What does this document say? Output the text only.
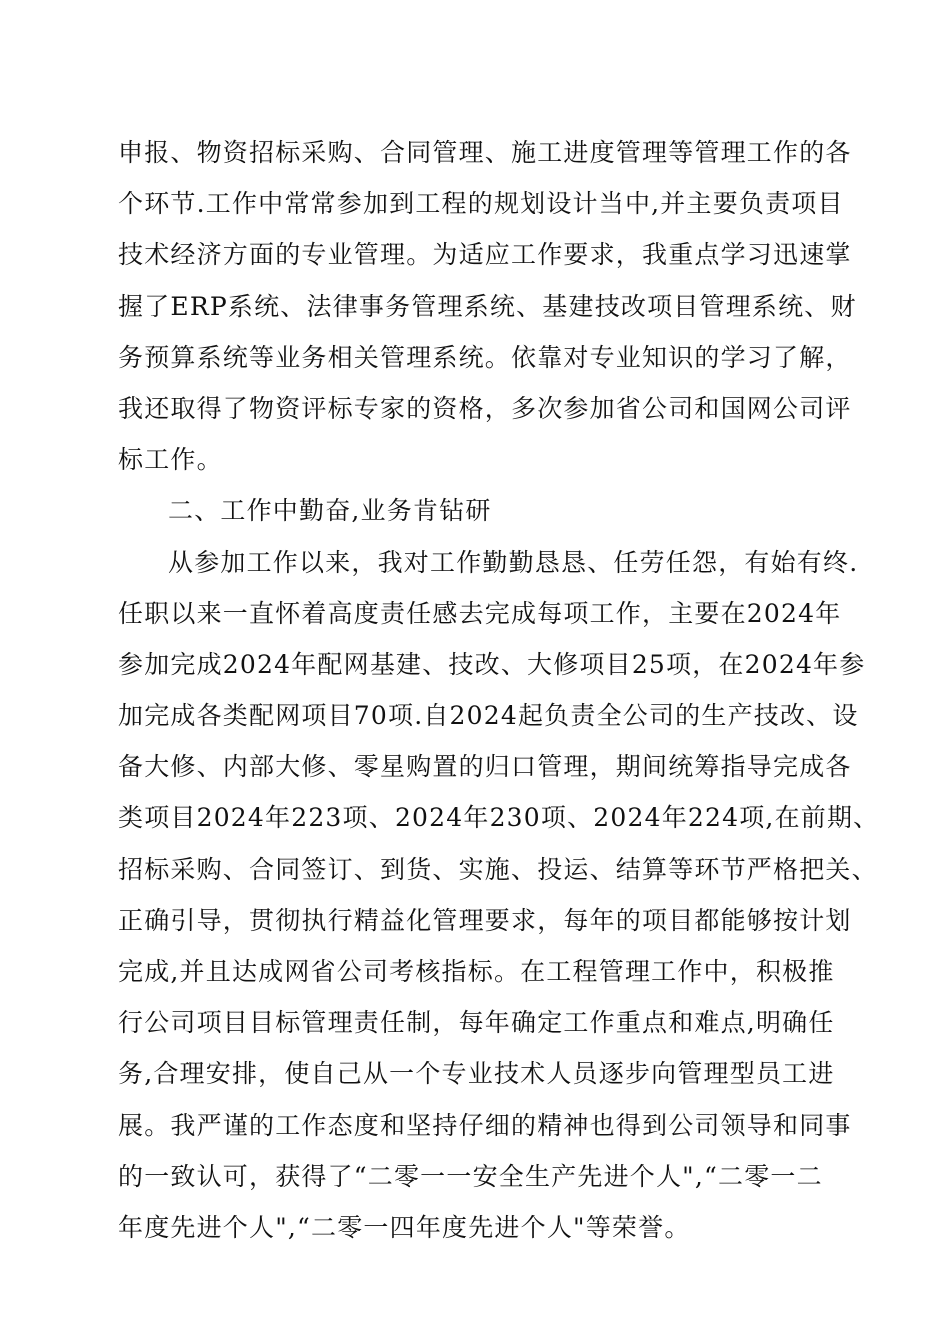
申报、物资招标采购、合同管理、施工进度管理等管理工作的各
个环节.工作中常常参加到工程的规划设计当中,并主要负责项目
技术经济方面的专业管理。为适应工作要求，我重点学习迅速掌
握了ERP系统、法律事务管理系统、基建技改项目管理系统、财
务预算系统等业务相关管理系统。依靠对专业知识的学习了解，
我还取得了物资评标专家的资格，多次参加省公司和国网公司评
标工作。
二、工作中勤奋,业务肯钻研
从参加工作以来，我对工作勤勤恳恳、任劳任怨，有始有终.
任职以来一直怀着高度责任感去完成每项工作，主要在2024年
参加完成2024年配网基建、技改、大修项目25项，在2024年参
加完成各类配网项目70项.自2024起负责全公司的生产技改、设
备大修、内部大修、零星购置的归口管理，期间统筹指导完成各
类项目2024年223项、2024年230项、2024年224项,在前期、
招标采购、合同签订、到货、实施、投运、结算等环节严格把关、
正确引导，贯彻执行精益化管理要求，每年的项目都能够按计划
完成,并且达成网省公司考核指标。在工程管理工作中，积极推
行公司项目目标管理责任制，每年确定工作重点和难点,明确任
务,合理安排，使自己从一个专业技术人员逐步向管理型员工进
展。我严谨的工作态度和坚持仔细的精神也得到公司领导和同事
的一致认可，获得了“二零一一安全生产先进个人",“二零一二
年度先进个人",“二零一四年度先进个人"等荣誉。
